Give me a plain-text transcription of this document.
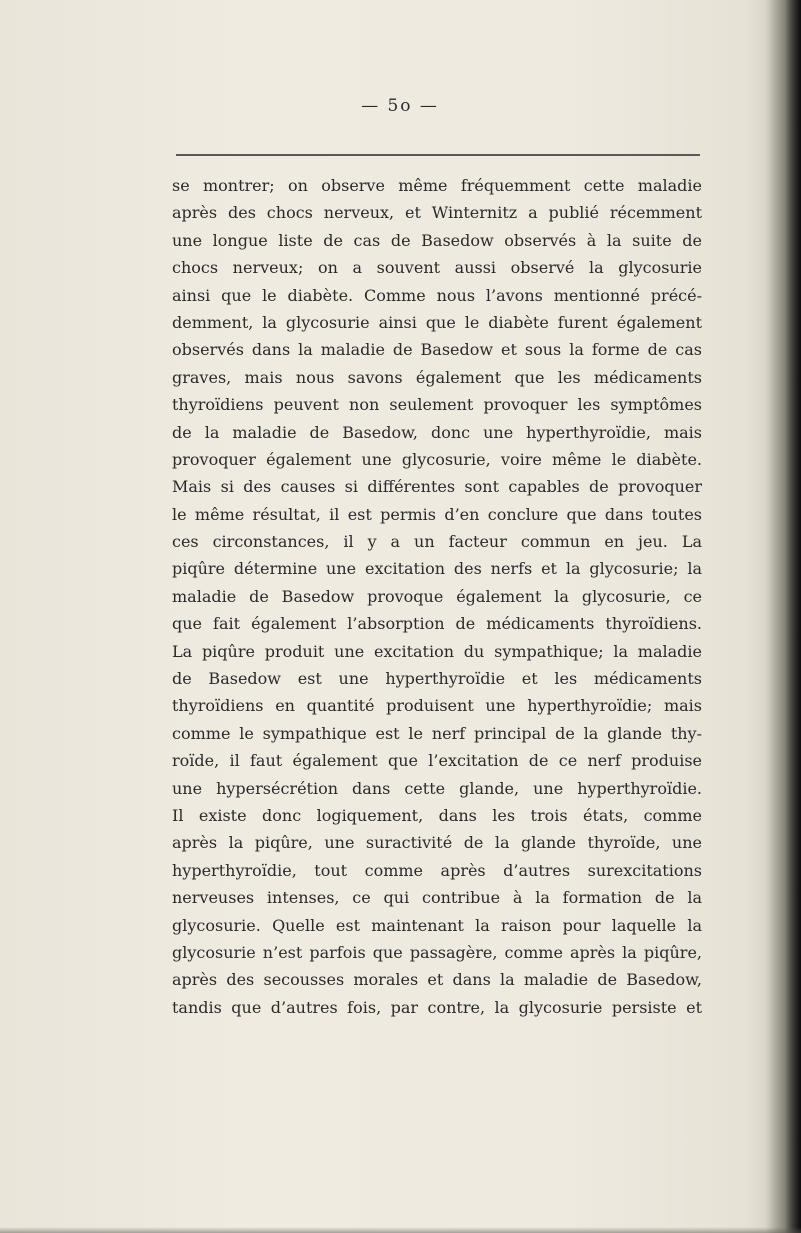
— 5o —
se montrer; on observe même fréquemment cette maladie
après des chocs nerveux, et Winternitz a publié récemment
une longue liste de cas de Basedow observés à la suite de
chocs nerveux; on a souvent aussi observé la glycosurie
ainsi que le diabète. Comme nous l’avons mentionné précé-
demment, la glycosurie ainsi que le diabète furent également
observés dans la maladie de Basedow et sous la forme de cas
graves, mais nous savons également que les médicaments
thyroïdiens peuvent non seulement provoquer les symptômes
de la maladie de Basedow, donc une hyperthyroïdie, mais
provoquer également une glycosurie, voire même le diabète.
Mais si des causes si différentes sont capables de provoquer
le même résultat, il est permis d’en conclure que dans toutes
ces circonstances, il y a un facteur commun en jeu. La
piqûre détermine une excitation des nerfs et la glycosurie; la
maladie de Basedow provoque également la glycosurie, ce
que fait également l’absorption de médicaments thyroïdiens.
La piqûre produit une excitation du sympathique; la maladie
de Basedow est une hyperthyroïdie et les médicaments
thyroïdiens en quantité produisent une hyperthyroïdie; mais
comme le sympathique est le nerf principal de la glande thy-
roïde, il faut également que l’excitation de ce nerf produise
une hypersécrétion dans cette glande, une hyperthyroïdie.
Il existe donc logiquement, dans les trois états, comme
après la piqûre, une suractivité de la glande thyroïde, une
hyperthyroïdie, tout comme après d’autres surexcitations
nerveuses intenses, ce qui contribue à la formation de la
glycosurie. Quelle est maintenant la raison pour laquelle la
glycosurie n’est parfois que passagère, comme après la piqûre,
après des secousses morales et dans la maladie de Basedow,
tandis que d’autres fois, par contre, la glycosurie persiste et
